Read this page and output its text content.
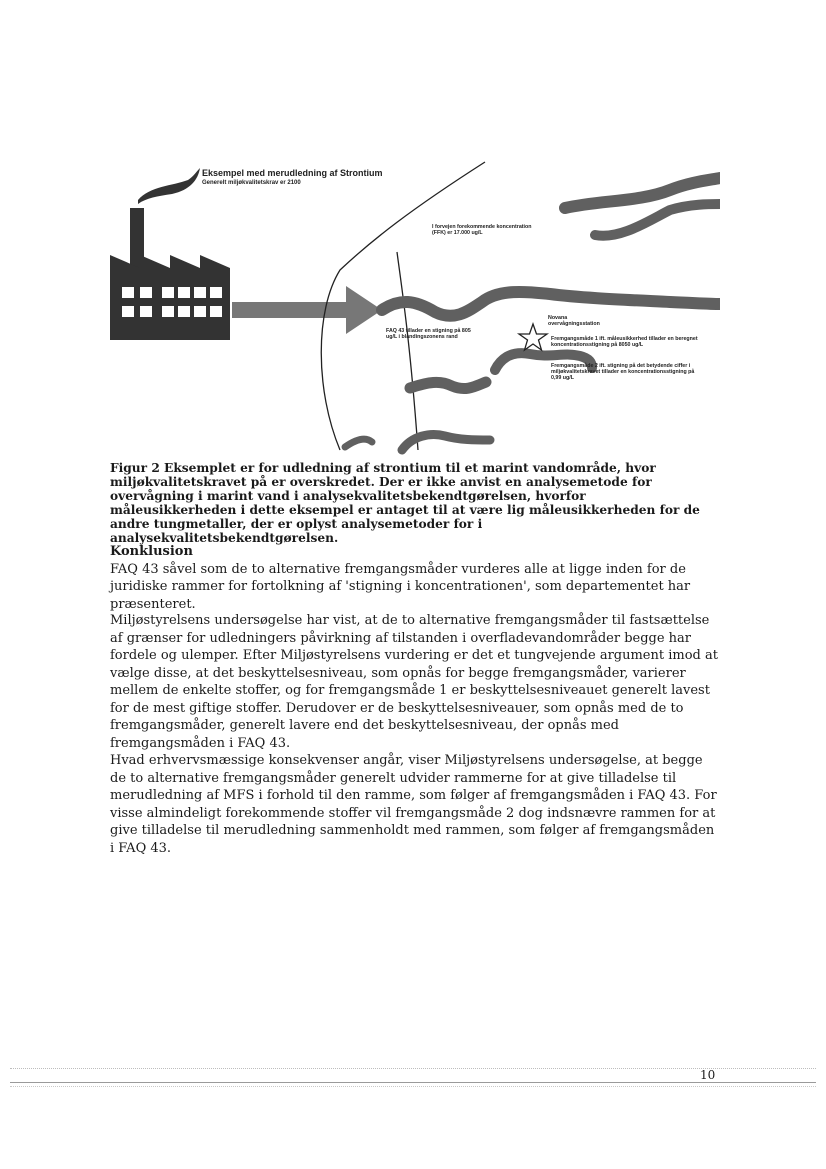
Eksempel med merudledning af Strontium
Generelt miljøkvalitetskrav er 2100
I forvejen forekommende koncentration (FFK) er 17.000 ug/L
FAQ 43 tillader en stigning på 805 ug/L i blandingszonens rand
Novana overvågningsstation
Fremgangsmåde 1 ift. måleusikkerhed tillader en beregnet koncentrationsstigning på 8050 ug/L
Fremgangsmåde 2 ift. stigning på det betydende ciffer i miljøkvalitetskravet tillader en koncentrationsstigning på 0,99 ug/L
Figur 2 Eksemplet er for udledning af strontium til et marint vandområde, hvor miljøkvalitetskravet på er overskredet. Der er ikke anvist en analysemetode for overvågning i marint vand i analysekvalitetsbekendtgørelsen, hvorfor måleusikkerheden i dette eksempel er antaget til at være lig måleusikkerheden for de andre tungmetaller, der er oplyst analysemetoder for i analysekvalitetsbekendtgørelsen.

Konklusion

FAQ 43 såvel som de to alternative fremgangsmåder vurderes alle at ligge inden for de juridiske rammer for fortolkning af 'stigning i koncentrationen', som departementet har præsenteret.

Miljøstyrelsens undersøgelse har vist, at de to alternative fremgangsmåder til fastsættelse af grænser for udledningers påvirkning af tilstanden i overfladevandområder begge har fordele og ulemper. Efter Miljøstyrelsens vurdering er det et tungvejende argument imod at vælge disse, at det beskyttelsesniveau, som opnås for begge fremgangsmåder, varierer mellem de enkelte stoffer, og for fremgangsmåde 1 er beskyttelsesniveauet generelt lavest for de mest giftige stoffer. Derudover er de beskyttelsesniveauer, som opnås med de to fremgangsmåder, generelt lavere end det beskyttelsesniveau, der opnås med fremgangsmåden i FAQ 43.

Hvad erhvervsmæssige konsekvenser angår, viser Miljøstyrelsens undersøgelse, at begge de to alternative fremgangsmåder generelt udvider rammerne for at give tilladelse til merudledning af MFS i forhold til den ramme, som følger af fremgangsmåden i FAQ 43. For visse almindeligt forekommende stoffer vil fremgangsmåde 2 dog indsnævre rammen for at give tilladelse til merudledning sammenholdt med rammen, som følger af fremgangsmåden i FAQ 43.

10
